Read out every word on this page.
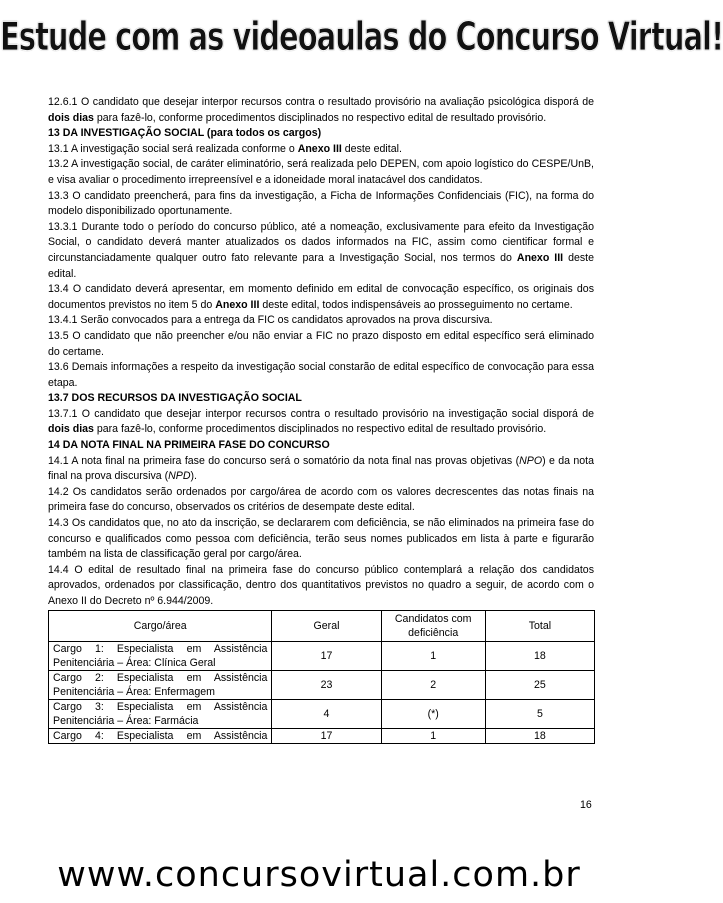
Estude com as videoaulas do Concurso Virtual!

12.6.1 O candidato que desejar interpor recursos contra o resultado provisório na avaliação psicológica disporá de dois dias para fazê-lo, conforme procedimentos disciplinados no respectivo edital de resultado provisório.

13 DA INVESTIGAÇÃO SOCIAL (para todos os cargos)

13.1 A investigação social será realizada conforme o Anexo III deste edital.

13.2 A investigação social, de caráter eliminatório, será realizada pelo DEPEN, com apoio logístico do CESPE/UnB, e visa avaliar o procedimento irrepreensível e a idoneidade moral inatacável dos candidatos.

13.3 O candidato preencherá, para fins da investigação, a Ficha de Informações Confidenciais (FIC), na forma do modelo disponibilizado oportunamente.

13.3.1 Durante todo o período do concurso público, até a nomeação, exclusivamente para efeito da Investigação Social, o candidato deverá manter atualizados os dados informados na FIC, assim como cientificar formal e circunstanciadamente qualquer outro fato relevante para a Investigação Social, nos termos do Anexo III deste edital.

13.4 O candidato deverá apresentar, em momento definido em edital de convocação específico, os originais dos documentos previstos no item 5 do Anexo III deste edital, todos indispensáveis ao prosseguimento no certame.

13.4.1 Serão convocados para a entrega da FIC os candidatos aprovados na prova discursiva.

13.5 O candidato que não preencher e/ou não enviar a FIC no prazo disposto em edital específico será eliminado do certame.

13.6 Demais informações a respeito da investigação social constarão de edital específico de convocação para essa etapa.

13.7 DOS RECURSOS DA INVESTIGAÇÃO SOCIAL

13.7.1 O candidato que desejar interpor recursos contra o resultado provisório na investigação social disporá de dois dias para fazê-lo, conforme procedimentos disciplinados no respectivo edital de resultado provisório.

14 DA NOTA FINAL NA PRIMEIRA FASE DO CONCURSO

14.1 A nota final na primeira fase do concurso será o somatório da nota final nas provas objetivas (NPO) e da nota final na prova discursiva (NPD).

14.2 Os candidatos serão ordenados por cargo/área de acordo com os valores decrescentes das notas finais na primeira fase do concurso, observados os critérios de desempate deste edital.

14.3 Os candidatos que, no ato da inscrição, se declararem com deficiência, se não eliminados na primeira fase do concurso e qualificados como pessoa com deficiência, terão seus nomes publicados em lista à parte e figurarão também na lista de classificação geral por cargo/área.

14.4 O edital de resultado final na primeira fase do concurso público contemplará a relação dos candidatos aprovados, ordenados por classificação, dentro dos quantitativos previstos no quadro a seguir, de acordo com o Anexo II do Decreto nº 6.944/2009.

Cargo/área	Geral	Candidatos com deficiência	Total
Cargo 1: Especialista em Assistência Penitenciária – Área: Clínica Geral	17	1	18
Cargo 2: Especialista em Assistência Penitenciária – Área: Enfermagem	23	2	25
Cargo 3: Especialista em Assistência Penitenciária – Área: Farmácia	4	(*)	5
Cargo 4: Especialista em Assistência	17	1	18
16
www.concursovirtual.com.br
